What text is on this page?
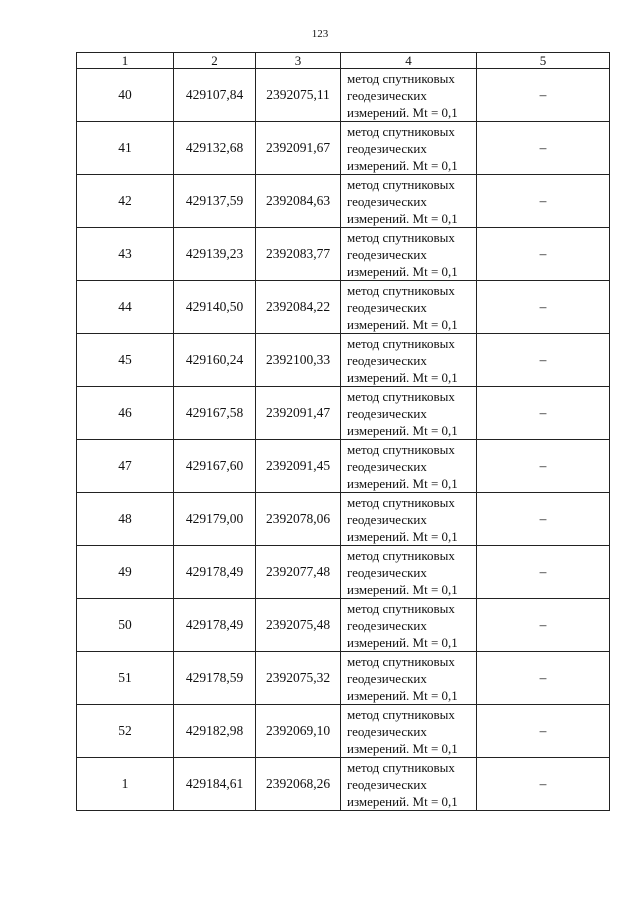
123
1	2	3	4	5
40	429107,84	2392075,11	метод спутниковых
геодезических
измерений. Mt = 0,1	–
41	429132,68	2392091,67	метод спутниковых
геодезических
измерений. Mt = 0,1	–
42	429137,59	2392084,63	метод спутниковых
геодезических
измерений. Mt = 0,1	–
43	429139,23	2392083,77	метод спутниковых
геодезических
измерений. Mt = 0,1	–
44	429140,50	2392084,22	метод спутниковых
геодезических
измерений. Mt = 0,1	–
45	429160,24	2392100,33	метод спутниковых
геодезических
измерений. Mt = 0,1	–
46	429167,58	2392091,47	метод спутниковых
геодезических
измерений. Mt = 0,1	–
47	429167,60	2392091,45	метод спутниковых
геодезических
измерений. Mt = 0,1	–
48	429179,00	2392078,06	метод спутниковых
геодезических
измерений. Mt = 0,1	–
49	429178,49	2392077,48	метод спутниковых
геодезических
измерений. Mt = 0,1	–
50	429178,49	2392075,48	метод спутниковых
геодезических
измерений. Mt = 0,1	–
51	429178,59	2392075,32	метод спутниковых
геодезических
измерений. Mt = 0,1	–
52	429182,98	2392069,10	метод спутниковых
геодезических
измерений. Mt = 0,1	–
1	429184,61	2392068,26	метод спутниковых
геодезических
измерений. Mt = 0,1	–
